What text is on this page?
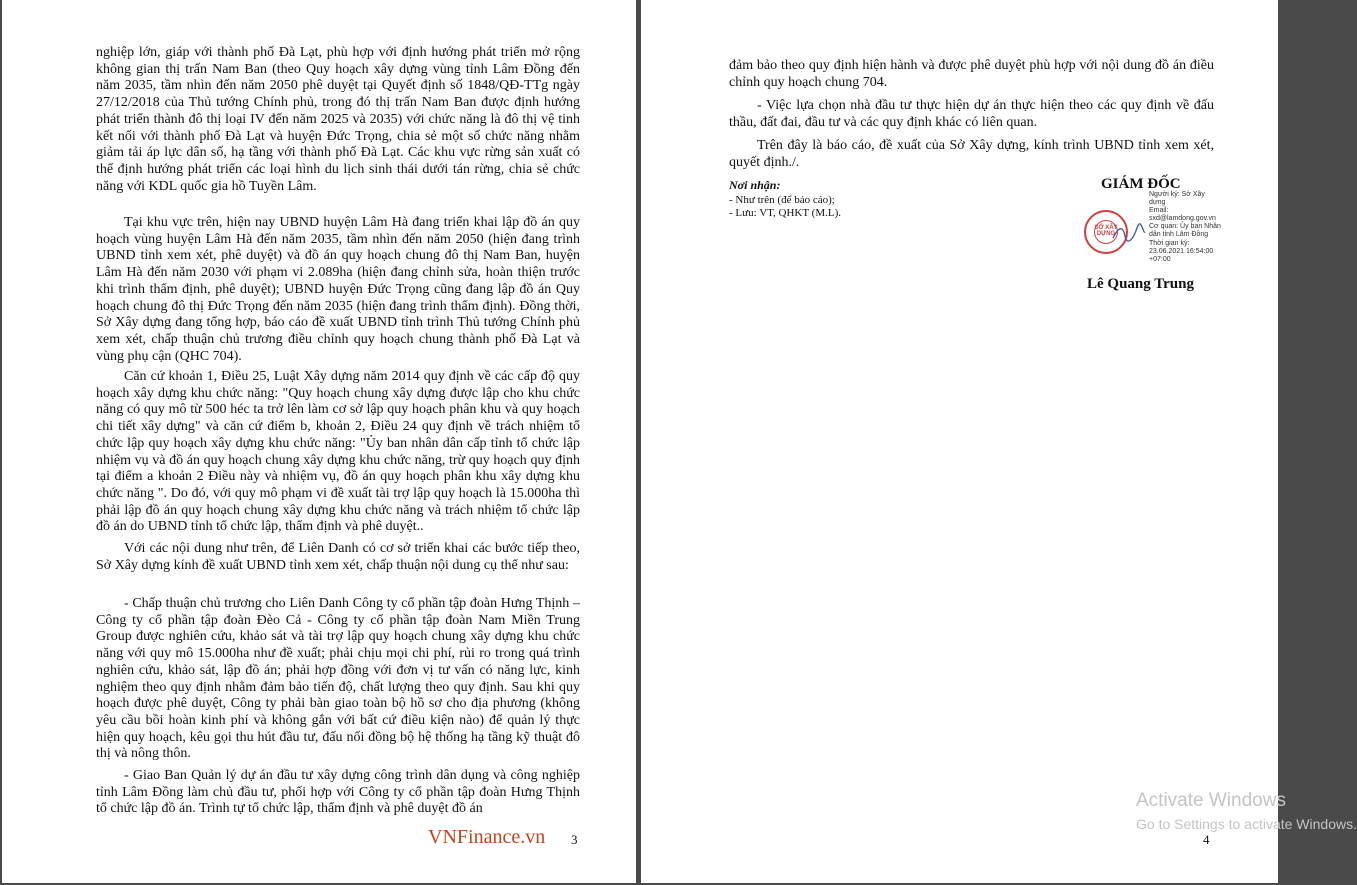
nghiệp lớn, giáp với thành phố Đà Lạt, phù hợp với định hướng phát triển mở rộng không gian thị trấn Nam Ban (theo Quy hoạch xây dựng vùng tỉnh Lâm Đồng đến năm 2035, tầm nhìn đến năm 2050 phê duyệt tại Quyết định số 1848/QĐ-TTg ngày 27/12/2018 của Thủ tướng Chính phủ, trong đó thị trấn Nam Ban được định hướng phát triển thành đô thị loại IV đến năm 2025 và 2035) với chức năng là đô thị vệ tinh kết nối với thành phố Đà Lạt và huyện Đức Trọng, chia sẻ một số chức năng nhằm giảm tải áp lực dân số, hạ tầng với thành phố Đà Lạt. Các khu vực rừng sản xuất có thể định hướng phát triển các loại hình du lịch sinh thái dưới tán rừng, chia sẻ chức năng với KDL quốc gia hồ Tuyền Lâm.

Tại khu vực trên, hiện nay UBND huyện Lâm Hà đang triển khai lập đồ án quy hoạch vùng huyện Lâm Hà đến năm 2035, tầm nhìn đến năm 2050 (hiện đang trình UBND tỉnh xem xét, phê duyệt) và đồ án quy hoạch chung đô thị Nam Ban, huyện Lâm Hà đến năm 2030 với phạm vi 2.089ha (hiện đang chỉnh sửa, hoàn thiện trước khi trình thẩm định, phê duyệt); UBND huyện Đức Trọng cũng đang lập đồ án Quy hoạch chung đô thị Đức Trọng đến năm 2035 (hiện đang trình thẩm định). Đồng thời, Sở Xây dựng đang tổng hợp, báo cáo đề xuất UBND tỉnh trình Thủ tướng Chính phủ xem xét, chấp thuận chủ trương điều chỉnh quy hoạch chung thành phố Đà Lạt và vùng phụ cận (QHC 704).

Căn cứ khoản 1, Điều 25, Luật Xây dựng năm 2014 quy định về các cấp độ quy hoạch xây dựng khu chức năng: "Quy hoạch chung xây dựng được lập cho khu chức năng có quy mô từ 500 héc ta trở lên làm cơ sở lập quy hoạch phân khu và quy hoạch chi tiết xây dựng" và căn cứ điểm b, khoản 2, Điều 24 quy định về trách nhiệm tổ chức lập quy hoạch xây dựng khu chức năng: "Ủy ban nhân dân cấp tỉnh tổ chức lập nhiệm vụ và đồ án quy hoạch chung xây dựng khu chức năng, trừ quy hoạch quy định tại điểm a khoản 2 Điều này và nhiệm vụ, đồ án quy hoạch phân khu xây dựng khu chức năng ". Do đó, với quy mô phạm vi đề xuất tài trợ lập quy hoạch là 15.000ha thì phải lập đồ án quy hoạch chung xây dựng khu chức năng và trách nhiệm tổ chức lập đồ án do UBND tỉnh tổ chức lập, thẩm định và phê duyệt..

Với các nội dung như trên, để Liên Danh có cơ sở triển khai các bước tiếp theo, Sở Xây dựng kính đề xuất UBND tỉnh xem xét, chấp thuận nội dung cụ thể như sau:

- Chấp thuận chủ trương cho Liên Danh Công ty cổ phần tập đoàn Hưng Thịnh – Công ty cổ phần tập đoàn Đèo Cả - Công ty cổ phần tập đoàn Nam Miền Trung Group được nghiên cứu, khảo sát và tài trợ lập quy hoạch chung xây dựng khu chức năng với quy mô 15.000ha như đề xuất; phải chịu mọi chi phí, rủi ro trong quá trình nghiên cứu, khảo sát, lập đồ án; phải hợp đồng với đơn vị tư vấn có năng lực, kinh nghiệm theo quy định nhằm đảm bảo tiến độ, chất lượng theo quy định. Sau khi quy hoạch được phê duyệt, Công ty phải bàn giao toàn bộ hồ sơ cho địa phương (không yêu cầu bồi hoàn kinh phí và không gắn với bất cứ điều kiện nào) để quản lý thực hiện quy hoạch, kêu gọi thu hút đầu tư, đấu nối đồng bộ hệ thống hạ tầng kỹ thuật đô thị và nông thôn.

- Giao Ban Quản lý dự án đầu tư xây dựng công trình dân dụng và công nghiệp tỉnh Lâm Đồng làm chủ đầu tư, phối hợp với Công ty cổ phần tập đoàn Hưng Thịnh tổ chức lập đồ án. Trình tự tổ chức lập, thẩm định và phê duyệt đồ án

VNFinance.vn 3

đảm bảo theo quy định hiện hành và được phê duyệt phù hợp với nội dung đồ án điều chỉnh quy hoạch chung 704.

- Việc lựa chọn nhà đầu tư thực hiện dự án thực hiện theo các quy định về đấu thầu, đất đai, đầu tư và các quy định khác có liên quan.

Trên đây là báo cáo, đề xuất của Sở Xây dựng, kính trình UBND tỉnh xem xét, quyết định./.

Nơi nhận:
- Như trên (để báo cáo);
- Lưu: VT, QHKT (M.L).
GIÁM ĐỐC
SỞ XÂY DỰNG
Người ký: Sở Xây dựng
Email: sxd@lamdong.gov.vn
Cơ quan: Ủy ban Nhân dân tỉnh Lâm Đồng
Thời gian ký: 23.06.2021 16:54:00 +07:00
Lê Quang Trung
4
Activate Windows
Go to Settings to activate Windows.
